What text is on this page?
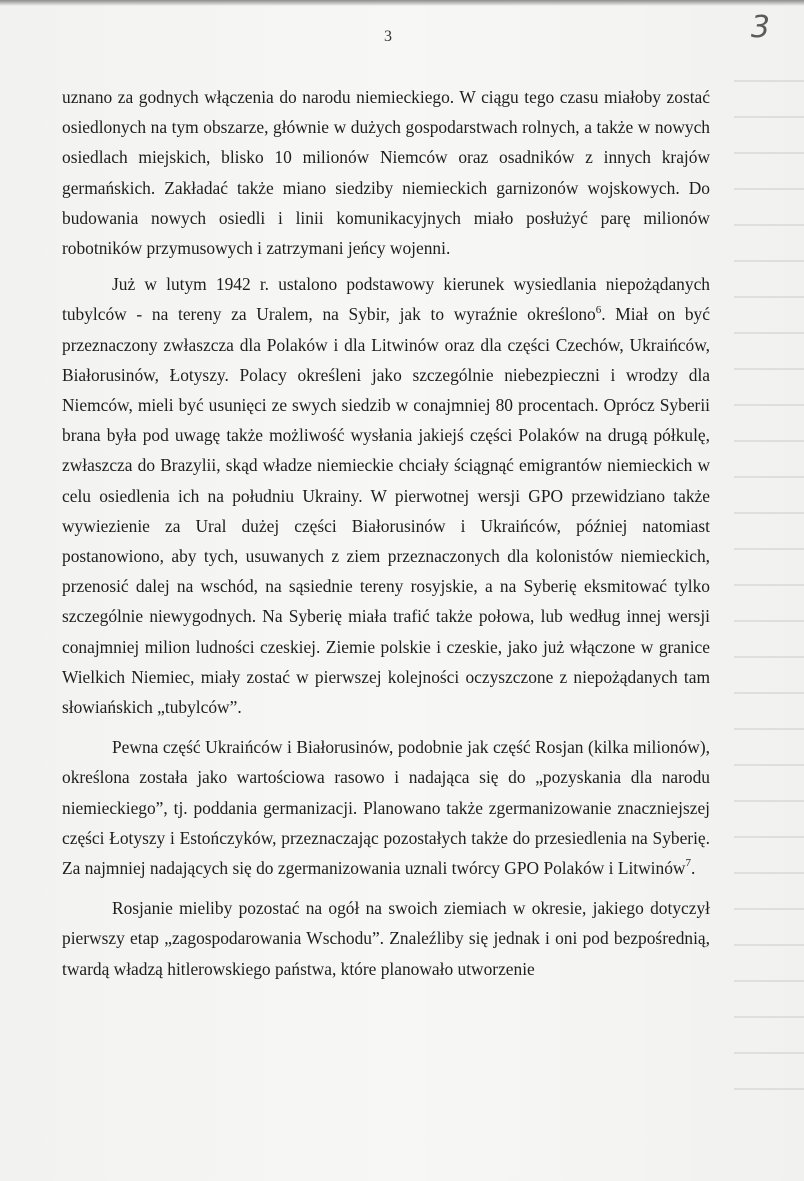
3
3

uznano za godnych włączenia do narodu niemieckiego. W ciągu tego czasu miałoby zostać osiedlonych na tym obszarze, głównie w dużych gospodarstwach rolnych, a także w nowych osiedlach miejskich, blisko 10 milionów Niemców oraz osadników z innych krajów germańskich. Zakładać także miano siedziby niemieckich garnizonów wojskowych. Do budowania nowych osiedli i linii komunikacyjnych miało posłużyć parę milionów robotników przymusowych i zatrzymani jeńcy wojenni.

Już w lutym 1942 r. ustalono podstawowy kierunek wysiedlania niepożądanych tubylców - na tereny za Uralem, na Sybir, jak to wyraźnie określono$^6$. Miał on być przeznaczony zwłaszcza dla Polaków i dla Litwinów oraz dla części Czechów, Ukraińców, Białorusinów, Łotyszy. Polacy określeni jako szczególnie niebezpieczni i wrodzy dla Niemców, mieli być usunięci ze swych siedzib w conajmniej 80 procentach. Oprócz Syberii brana była pod uwagę także możliwość wysłania jakiejś części Polaków na drugą półkulę, zwłaszcza do Brazylii, skąd władze niemieckie chciały ściągnąć emigrantów niemieckich w celu osiedlenia ich na południu Ukrainy. W pierwotnej wersji GPO przewidziano także wywiezienie za Ural dużej części Białorusinów i Ukraińców, później natomiast postanowiono, aby tych, usuwanych z ziem przeznaczonych dla kolonistów niemieckich, przenosić dalej na wschód, na sąsiednie tereny rosyjskie, a na Syberię eksmitować tylko szczególnie niewygodnych. Na Syberię miała trafić także połowa, lub według innej wersji conajmniej milion ludności czeskiej. Ziemie polskie i czeskie, jako już włączone w granice Wielkich Niemiec, miały zostać w pierwszej kolejności oczyszczone z niepożądanych tam słowiańskich „tubylców”.

Pewna część Ukraińców i Białorusinów, podobnie jak część Rosjan (kilka milionów), określona została jako wartościowa rasowo i nadająca się do „pozyskania dla narodu niemieckiego”, tj. poddania germanizacji. Planowano także zgermanizowanie znaczniejszej części Łotyszy i Estończyków, przeznaczając pozostałych także do przesiedlenia na Syberię. Za najmniej nadających się do zgermanizowania uznali twórcy GPO Polaków i Litwinów$^7$.

Rosjanie mieliby pozostać na ogół na swoich ziemiach w okresie, jakiego dotyczył pierwszy etap „zagospodarowania Wschodu”. Znaleźliby się jednak i oni pod bezpośrednią, twardą władzą hitlerowskiego państwa, które planowało utworzenie
